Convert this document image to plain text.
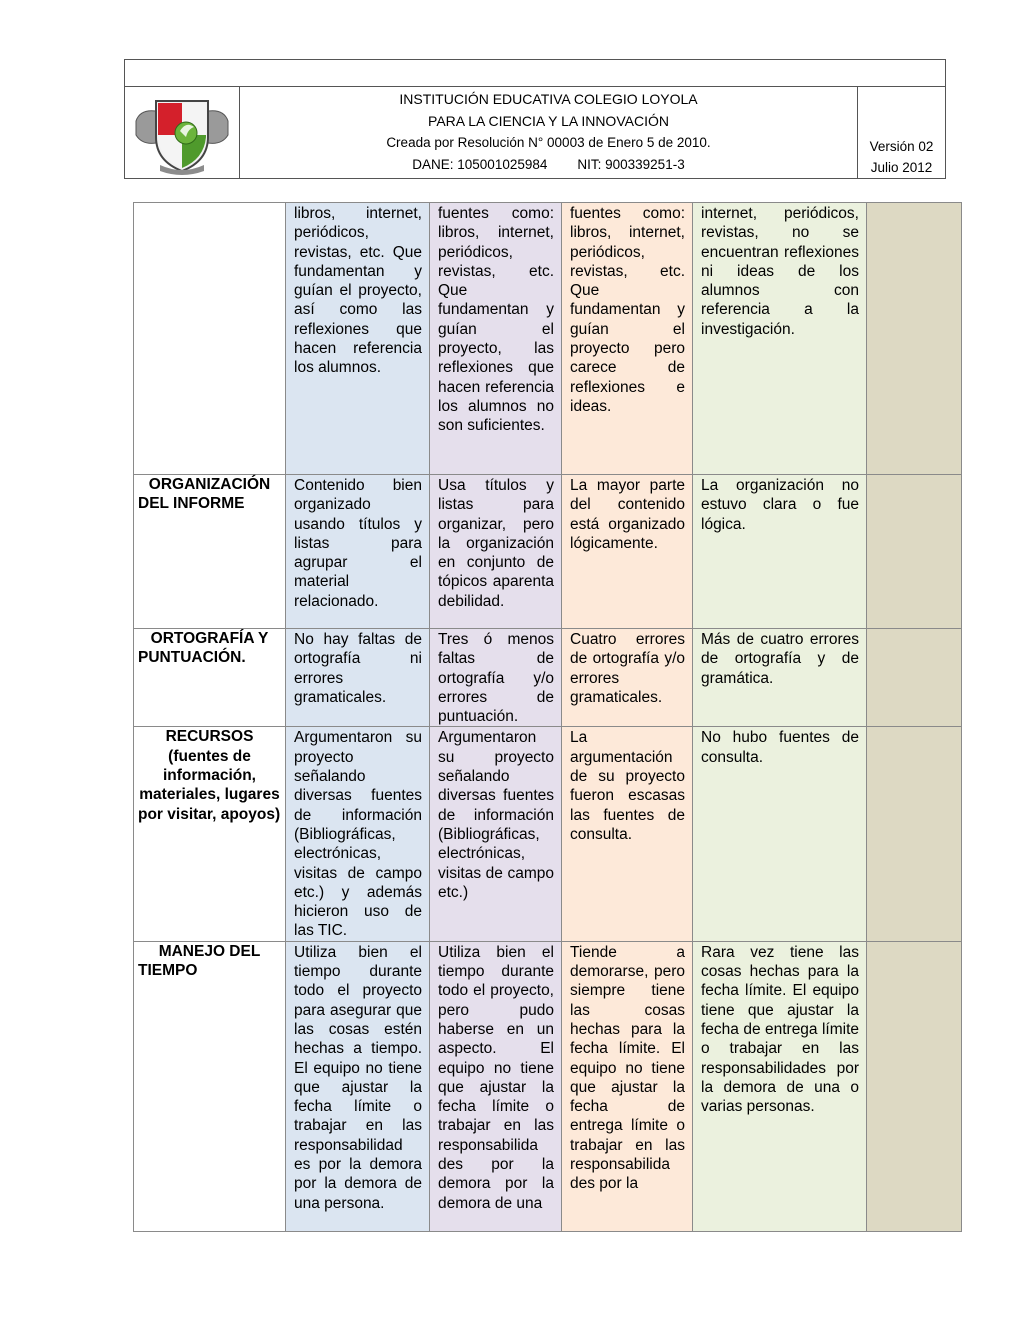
INSTITUCIÓN EDUCATIVA COLEGIO LOYOLA
PARA LA CIENCIA Y LA INNOVACIÓN
Creada por Resolución N° 00003 de Enero 5 de 2010.
DANE: 105001025984        NIT: 900339251-3
Versión 02
Julio 2012

	libros, internet, periódicos, revistas, etc. Que fundamentan y guían el proyecto, así como las reflexiones que hacen referencia los alumnos.	fuentes como: libros, internet, periódicos, revistas, etc. Que fundamentan y guían el proyecto, las reflexiones que hacen referencia los alumnos no son suficientes.	fuentes como: libros, internet, periódicos, revistas, etc. Que fundamentan y guían el proyecto pero carece de reflexiones e ideas.	internet, periódicos, revistas, no se encuentran reflexiones ni ideas de los alumnos con referencia a la investigación.	

ORGANIZACIÓN DEL INFORME	Contenido bien organizado usando títulos y listas para agrupar el material relacionado.	Usa títulos y listas para organizar, pero la organización en conjunto de tópicos aparenta debilidad.	La mayor parte del contenido está organizado lógicamente.	La organización no estuvo clara o fue lógica.	

ORTOGRAFÍA Y PUNTUACIÓN.	No hay faltas de ortografía ni errores gramaticales.	Tres ó menos faltas de ortografía y/o errores de puntuación.	Cuatro errores de ortografía y/o errores gramaticales.	Más de cuatro errores de ortografía y de gramática.	

RECURSOS (fuentes de información, materiales, lugares por visitar, apoyos)	Argumentaron su proyecto señalando diversas fuentes de información (Bibliográficas, electrónicas, visitas de campo etc.) y además hicieron uso de las TIC.	Argumentaron su proyecto señalando diversas fuentes de información (Bibliográficas, electrónicas, visitas de campo etc.)	La argumentación de su proyecto fueron escasas las fuentes de consulta.	No hubo fuentes de consulta.	

MANEJO DEL TIEMPO	Utiliza bien el tiempo durante todo el proyecto para asegurar que las cosas estén hechas a tiempo. El equipo no tiene que ajustar la fecha límite o trabajar en las responsabilidad es por la demora por la demora de una persona.	Utiliza bien el tiempo durante todo el proyecto, pero pudo haberse en un aspecto. El equipo no tiene que ajustar la fecha límite o trabajar en las responsabilida des por la demora por la demora de una	Tiende a demorarse, pero siempre tiene las cosas hechas para la fecha límite. El equipo no tiene que ajustar la fecha de entrega límite o trabajar en las responsabilida des por la	Rara vez tiene las cosas hechas para la fecha límite. El equipo tiene que ajustar la fecha de entrega límite o trabajar en las responsabilidades por la demora de una o varias personas.	
